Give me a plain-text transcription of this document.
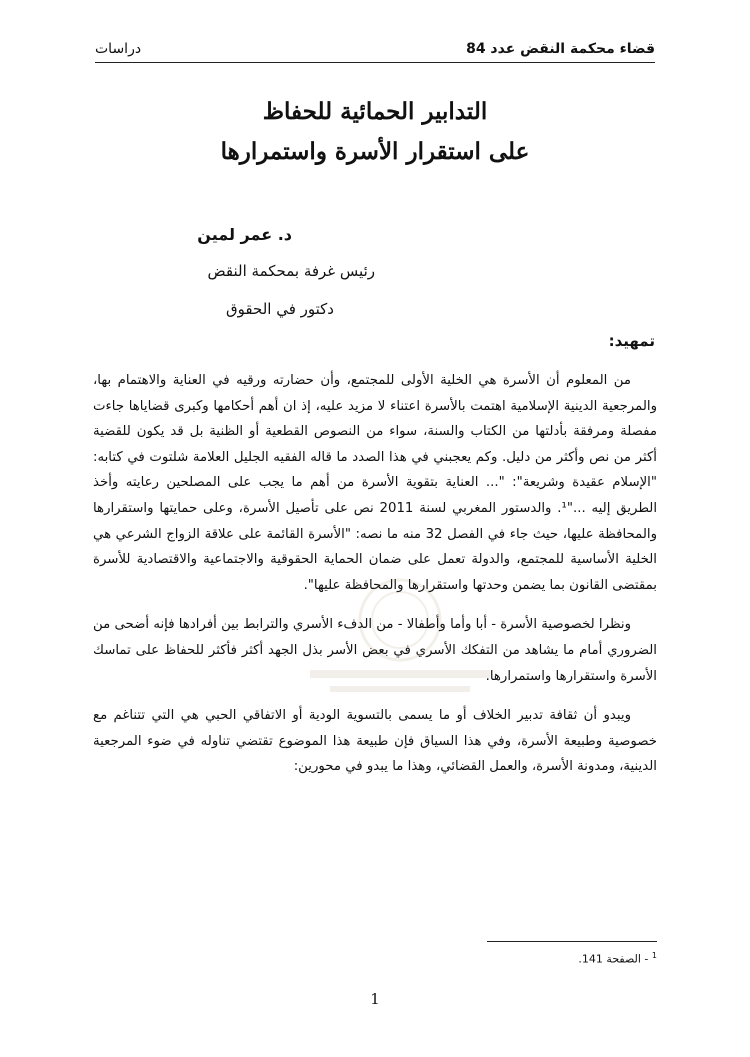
قضاء محكمة النقض عدد 84
دراسات
التدابير الحمائية للحفاظ
على استقرار الأسرة واستمرارها
د. عمر لمين
رئيس غرفة بمحكمة النقض
دكتور في الحقوق
تمهيد:

من المعلوم أن الأسرة هي الخلية الأولى للمجتمع، وأن حضارته ورقيه في العناية والاهتمام بها، والمرجعية الدينية الإسلامية اهتمت بالأسرة اعتناء لا مزيد عليه، إذ ان أهم أحكامها وكبرى قضاياها جاءت مفصلة ومرفقة بأدلتها من الكتاب والسنة، سواء من النصوص القطعية أو الظنية بل قد يكون للقضية أكثر من نص وأكثر من دليل. وكم يعجبني في هذا الصدد ما قاله الفقيه الجليل العلامة شلتوت في كتابه: "الإسلام عقيدة وشريعة": "... العناية بتقوية الأسرة من أهم ما يجب على المصلحين رعايته وأخذ الطريق إليه ..."¹. والدستور المغربي لسنة 2011 نص على تأصيل الأسرة، وعلى حمايتها واستقرارها والمحافظة عليها، حيث جاء في الفصل 32 منه ما نصه: "الأسرة القائمة على علاقة الزواج الشرعي هي الخلية الأساسية للمجتمع، والدولة تعمل على ضمان الحماية الحقوقية والاجتماعية والاقتصادية للأسرة بمقتضى القانون بما يضمن وحدتها واستقرارها والمحافظة عليها".

ونظرا لخصوصية الأسرة - أبا وأما وأطفالا - من الدفء الأسري والترابط بين أفرادها فإنه أضحى من الضروري أمام ما يشاهد من التفكك الأسري في بعض الأسر بذل الجهد أكثر فأكثر للحفاظ على تماسك الأسرة واستقرارها واستمرارها.

ويبدو أن ثقافة تدبير الخلاف أو ما يسمى بالتسوية الودية أو الاتفاقي الحبي هي التي تتناغم مع خصوصية وطبيعة الأسرة، وفي هذا السياق فإن طبيعة هذا الموضوع تقتضي تناوله في ضوء المرجعية الدينية، ومدونة الأسرة، والعمل القضائي، وهذا ما يبدو في محورين:

$^1$ - الصفحة 141.
1
